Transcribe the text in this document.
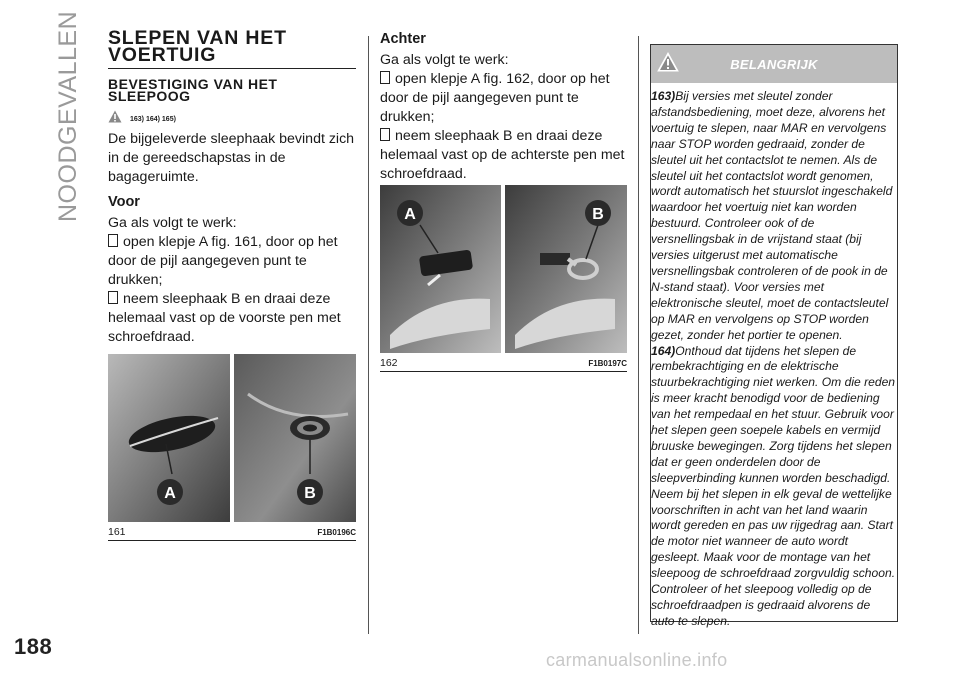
NOODGEVALLEN
188
SLEPEN VAN HET VOERTUIG
BEVESTIGING VAN HET SLEEPOOG
163) 164) 165)

De bijgeleverde sleephaak bevindt zich in de gereedschapstas in de bagageruimte.

Voor

Ga als volgt te werk:

open klepje A fig. 161, door op het door de pijl aangegeven punt te drukken;

neem sleephaak B en draai deze helemaal vast op de voorste pen met schroefdraad.

A	B
161	F1B0196C
Achter

Ga als volgt te werk:

open klepje A fig. 162, door op het door de pijl aangegeven punt te drukken;

neem sleephaak B en draai deze helemaal vast op de achterste pen met schroefdraad.

A	B
162	F1B0197C
BELANGRIJK

163)Bij versies met sleutel zonder afstandsbediening, moet deze, alvorens het voertuig te slepen, naar MAR en vervolgens naar STOP worden gedraaid, zonder de sleutel uit het contactslot te nemen. Als de sleutel uit het contactslot wordt genomen, wordt automatisch het stuurslot ingeschakeld waardoor het voertuig niet kan worden bestuurd. Controleer ook of de versnellingsbak in de vrijstand staat (bij versies uitgerust met automatische versnellingsbak controleren of de pook in de N-stand staat). Voor versies met elektronische sleutel, moet de contactsleutel op MAR en vervolgens op STOP worden gezet, zonder het portier te openen.

164)Onthoud dat tijdens het slepen de rembekrachtiging en de elektrische stuurbekrachtiging niet werken. Om die reden is meer kracht benodigd voor de bediening van het rempedaal en het stuur. Gebruik voor het slepen geen soepele kabels en vermijd bruuske bewegingen. Zorg tijdens het slepen dat er geen onderdelen door de sleepverbinding kunnen worden beschadigd. Neem bij het slepen in elk geval de wettelijke voorschriften in acht van het land waarin wordt gereden en pas uw rijgedrag aan. Start de motor niet wanneer de auto wordt gesleept. Maak voor de montage van het sleepoog de schroefdraad zorgvuldig schoon. Controleer of het sleepoog volledig op de schroefdraadpen is gedraaid alvorens de auto te slepen.

carmanualsonline.info
